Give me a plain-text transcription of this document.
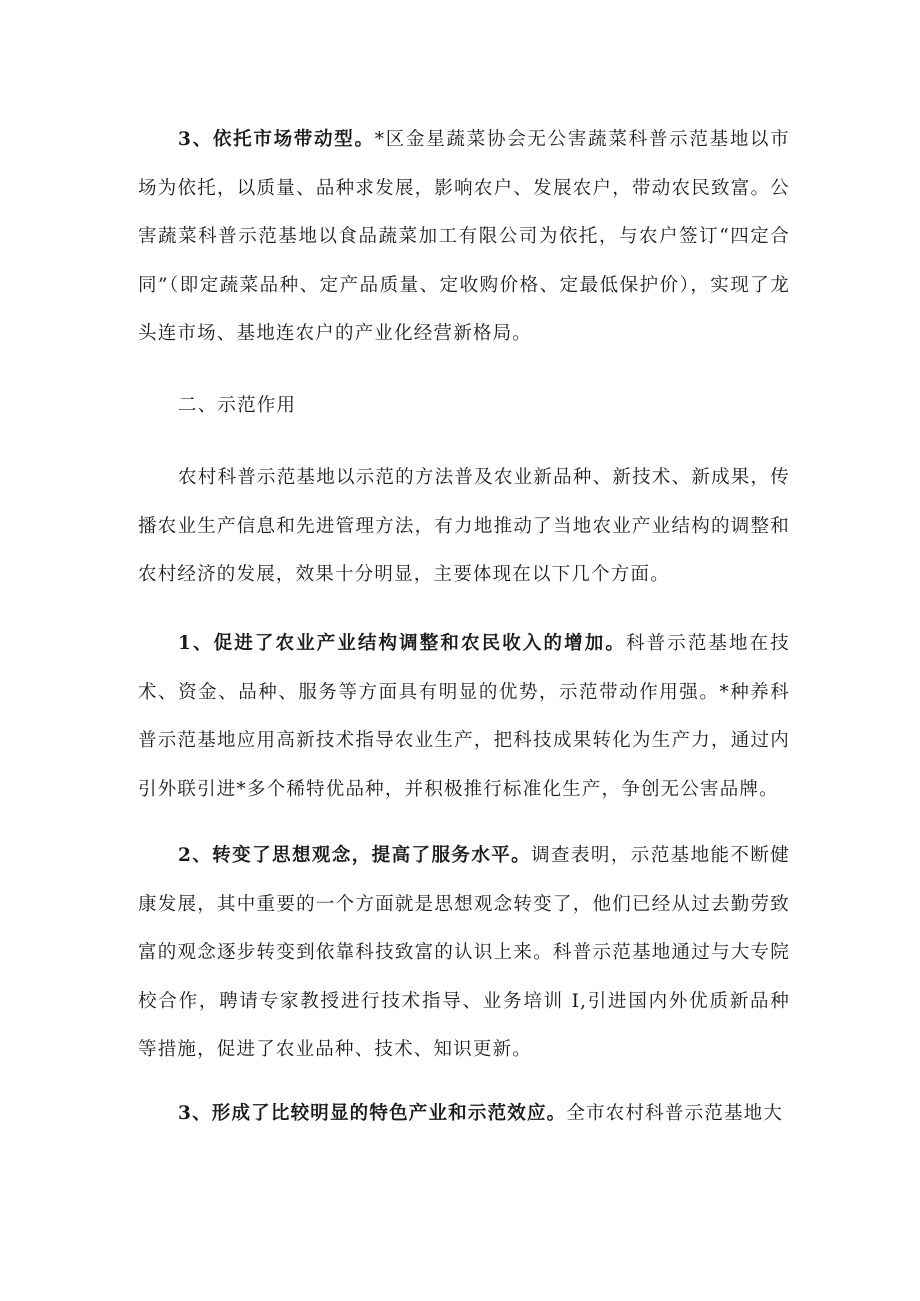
3、依托市场带动型。*区金星蔬菜协会无公害蔬菜科普示范基地以市场为依托，以质量、品种求发展，影响农户、发展农户，带动农民致富。公害蔬菜科普示范基地以食品蔬菜加工有限公司为依托，与农户签订“四定合同”（即定蔬菜品种、定产品质量、定收购价格、定最低保护价），实现了龙头连市场、基地连农户的产业化经营新格局。

二、示范作用

农村科普示范基地以示范的方法普及农业新品种、新技术、新成果，传播农业生产信息和先进管理方法，有力地推动了当地农业产业结构的调整和农村经济的发展，效果十分明显，主要体现在以下几个方面。

1、促进了农业产业结构调整和农民收入的增加。科普示范基地在技术、资金、品种、服务等方面具有明显的优势，示范带动作用强。*种养科普示范基地应用高新技术指导农业生产，把科技成果转化为生产力，通过内引外联引进*多个稀特优品种，并积极推行标准化生产，争创无公害品牌。

2、转变了思想观念，提高了服务水平。调查表明，示范基地能不断健康发展，其中重要的一个方面就是思想观念转变了，他们已经从过去勤劳致富的观念逐步转变到依靠科技致富的认识上来。科普示范基地通过与大专院校合作，聘请专家教授进行技术指导、业务培训 I,引进国内外优质新品种等措施，促进了农业品种、技术、知识更新。

3、形成了比较明显的特色产业和示范效应。全市农村科普示范基地大
